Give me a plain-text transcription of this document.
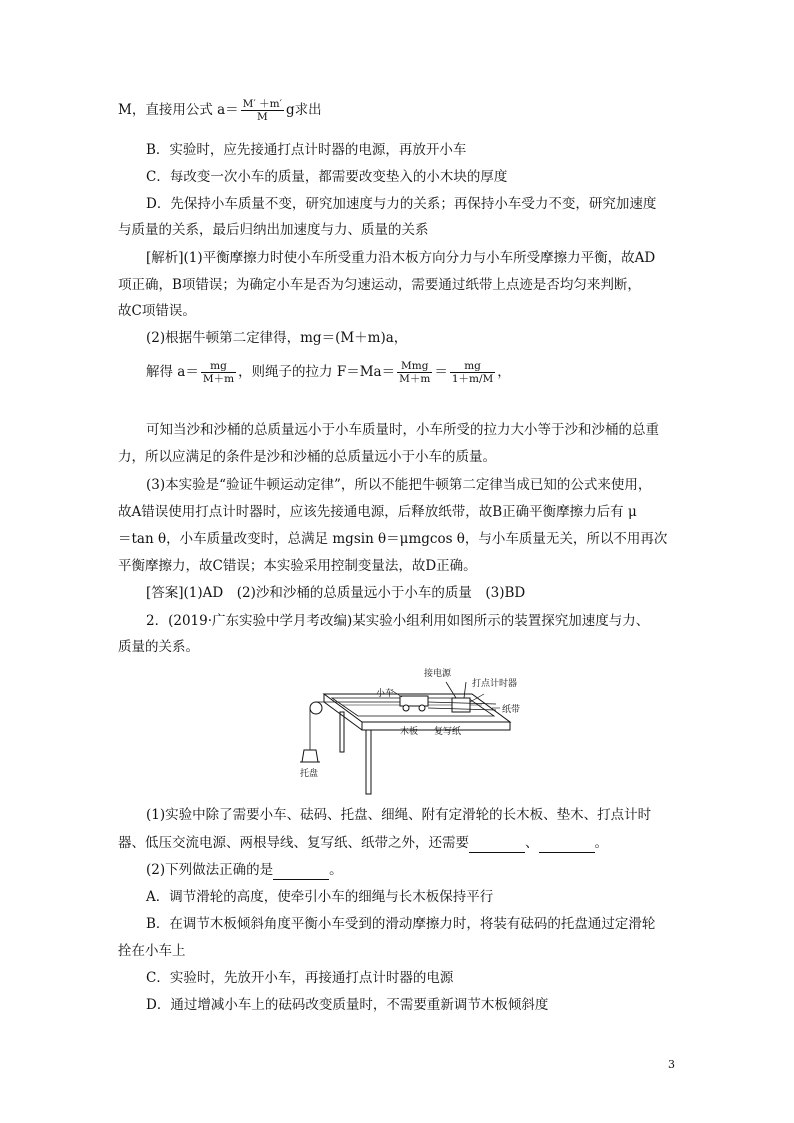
M，直接用公式 $a= \frac{M' +m'}{M}$ g求出
B．实验时，应先接通打点计时器的电源，再放开小车
C．每改变一次小车的质量，都需要改变垫入的小木块的厚度
D．先保持小车质量不变，研究加速度与力的关系；再保持小车受力不变，研究加速度
与质量的关系，最后归纳出加速度与力、质量的关系
[解析](1)平衡摩擦力时使小车所受重力沿木板方向分力与小车所受摩擦力平衡，故AD
项正确，B项错误；为确定小车是否为匀速运动，需要通过纸带上点迹是否均匀来判断，
故C项错误。
(2)根据牛顿第二定律得，mg＝(M＋m)a，
解得 $a= \frac{mg}{M+m}$ ，则绳子的拉力 $F=Ma= \frac{\text{Mmg}}{M+m} = \frac{mg}{1+m/M}$ ，
可知当沙和沙桶的总质量远小于小车质量时，小车所受的拉力大小等于沙和沙桶的总重
力，所以应满足的条件是沙和沙桶的总质量远小于小车的质量。
(3)本实验是“验证牛顿运动定律”，所以不能把牛顿第二定律当成已知的公式来使用，
故A错误使用打点计时器时，应该先接通电源，后释放纸带，故B正确平衡摩擦力后有 μ
＝tan θ，小车质量改变时，总满足 mgsin θ＝μmgcos θ，与小车质量无关，所以不用再次
平衡摩擦力，故C错误；本实验采用控制变量法，故D正确。
[答案](1)AD　(2)沙和沙桶的总质量远小于小车的质量　(3)BD
2．(2019·广东实验中学月考改编)某实验小组利用如图所示的装置探究加速度与力、
质量的关系。
接电源
打点计时器
小车
纸带
木板 复写纸
托盘
(1)实验中除了需要小车、砝码、托盘、细绳、附有定滑轮的长木板、垫木、打点计时
器、低压交流电源、两根导线、复写纸、纸带之外，还需要	、	。
(2)下列做法正确的是	。
A．调节滑轮的高度，使牵引小车的细绳与长木板保持平行
B．在调节木板倾斜角度平衡小车受到的滑动摩擦力时，将装有砝码的托盘通过定滑轮
拴在小车上
C．实验时，先放开小车，再接通打点计时器的电源
D．通过增减小车上的砝码改变质量时，不需要重新调节木板倾斜度
3
